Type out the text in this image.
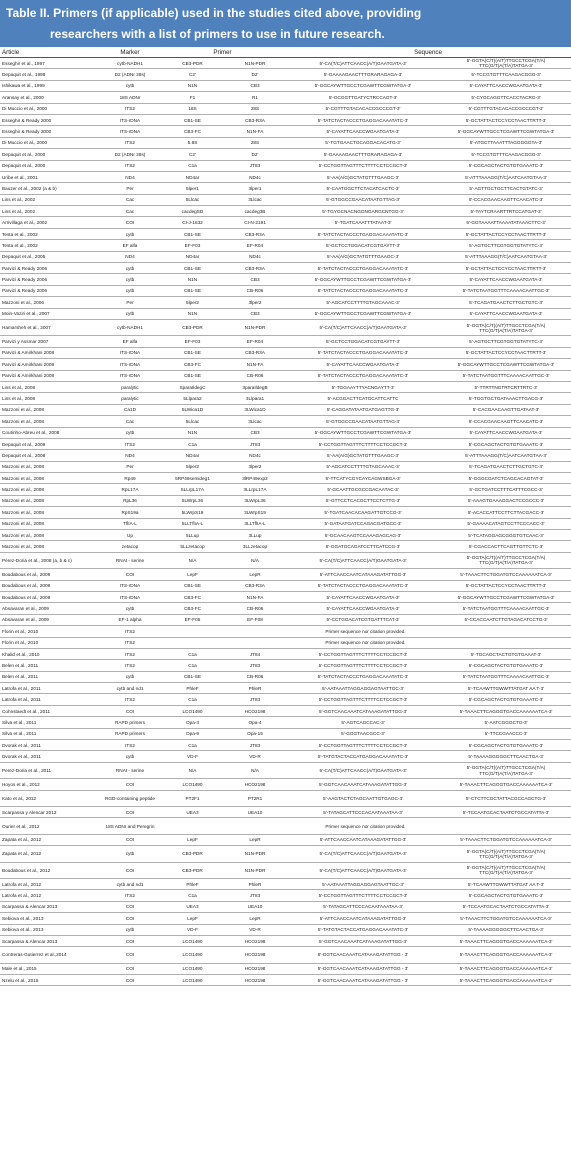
Table II. Primers (if applicable) used in the studies cited above, providing
researchers with a list of primers to use in future research.
Article	Marker	Primer		Sequence	
Esseghir et al., 1997	cytb-NADH1	CB3-PDR	N1N-PDR	5'-CA(T/C)ATTCAACC(A/T)GAATGATA-3'	5'-GGTA(C/T)(A/T)TTGCCTCGA(T/A) TTC(G/T)A(T/A)TATGA-3'
Depaquit et al., 1998	D2 (ADNr 28s)	C2'	D2'	5'-GAAAAGAACTTTGRARAGAGA-3'	5'-TCCGTGTTTCAAGACGGG-3'
Ishikawa et al., 1999	cytb	N1N	CB3	5'-GGCAYWTTGCCTCGAWTTCGWTATGA-3'	5'-CAYATTCAACCWGAATGATA-3'
Aransay et al., 2000	18S ADNr	F1	R1	5'-GCGGTTGATYCTRCCAGT-3'	5'-CYGCAGGTTCACCTACRG-3'
Di Muccio et al., 2000	ITS2	18S	28S	5'-CGTTTGTACACACCGCCCGT-3'	5'-CGTTTGTACACACCGCCCGT-3'
Esseghir & Ready 2000	ITS-rDNA	CB1-SE	CB3-R3A	5'-TATCTACTACCCTGAGGACAAATATC-3'	5'-GCTATTACTCCYCCTAACTTRTT-3'
Esseghir & Ready 2000	ITS-rDNA	CB3-FC	N1N-FA	5'-CAYATTCAACCWGAATGATA-3'	5'-GGCAYWTTGCCTCGAWTTCGWTATGA-3'
Di Muccio et al., 2000	ITS2	5.8S	28S	5'-TGTGAACTGCAGGACACATG-3'	5'-ATGCTTAAATTTAGGGGGTA-3'
Depaquit et al., 2000	D2 (ADNr 28s)	C2'	D2'	5'-GAAAAGAACTTTGRARAGAGA-3'	5'-TCCGTGTTTCAAGACGGG-3'
Depaquit et al., 2000	ITS2	C1a	JT83	5'-CCTGGTTAGTTTCTTTTCCTCCGCT-3'	5'-CGCAGCTACTGTGTGAAATC-3'
Uribe et al., 2001	ND4	ND4ar	ND4c	5'-AA(A/G)GCTATGTTTGAAGC-3'	5'-ATTTAAAGG(T/C)AATCAATGTAA-3'
Bauzer et al., 2002 (a & b)	Per	5lper1	3lper1	5'-CAATGGCTTCTACATCACTC-3'	5'-AGTTGCTGCTTCACTGTATC-3'
Lins et al., 2002	Cac	5Llcac	3Llcac	5'-GTGGCCGAACATAATGTTAG-3'	5'-CCACGAACAAGTTCAACATC-3'
Lins et al., 2002	Cac	cacdegSD	cacdeg3B	5'-TGYGCNACNGGNGARGCNTGG-3'	5'-TAYTCRAARTTRTCCATGAT-3'
Arrivillaga et al., 2002	COI	CI-J-1632	CI-N-2191	5'-TGATCAAATTTATAAT-3'	5'-GGTAAAATTAAAATATAAACTTC-3'
Testa et al., 2002	cytb	CB1-SE	CB3-R3A	5'-TATCTACTACCCTGAGGACAAATATC-3'	5'-GCTATTACTCCYCCTAACTTRTT-3'
Testa et al., 2002	EF alfa	EF-F03	EF-R04	5'-GCTCCTGGACATCGTGAYTT-3'	5'-AGTGCTTCGTGGTGTATYTC-3'
Depaquit et al., 2005	ND4	ND4ar	ND4c	5'-AA(A/G)GCTATGTTTGAAGC-3'	5'-ATTTAAAGG(T/C)AATCAATGTAA-3'
Parvizi & Ready 2006	cytb	CB1-SE	CB3-R3A	5'-TATCTACTACCCTGAGGACAAATATC-3'	5'-GCTATTACTCCYCCTAACTTRTT-3'
Parvizi & Ready 2006	cytb	N1N	CB3	5'-GGCAYWTTGCCTCGAWTTCGWTATGA-3'	5'-CAYATTCAACCWGAATGATA-3'
Parvizi & Ready 2006	cytb	CB1-SE	CB-R06	5'-TATCTACTACCCTGAGGACAAATATC-3'	5'-TATCTAATGGTTTCAAAACAATTGC-3'
Mazzoni et al., 2006	Per	5lper2	3lper2	5'-AGCATCCTTTTGTAGCAAAC-3'	5'-TCAGATGAACTCTTGCTGTC-3'
Moin-Vaziri et al., 2007	cytb	N1N	CB3	5'-GGCAYWTTGCCTCGAWTTCGWTATGA-3'	5'-CAYATTCAACCWGAATGATA-3'
Hamarsheh et al., 2007	cytb-NADH1	CB3-PDR	N1N-PDR	5'-CA(T/C)ATTCAACC(A/T)GAATGATA-3'	5'-GGTA(C/T)(A/T)TTGCCTCGA(T/A) TTC(G/T)A(T/A)TATGA-3'
Parvizi y Assmar 2007	EF alfa	EF-F03	EF-R04	5'-GCTCCTGGACATCGTGAYTT-3'	5'-AGTGCTTCGTGGTGTATYTC-3'
Parvizi & Amirkhani 2008	ITS-rDNA	CB1-SE	CB3-R3A	5'-TATCTACTACCCTGAGGACAAATATC-3'	5'-GCTATTACTCCYCCTAACTTRTT-3'
Parvizi & Amirkhani 2008	ITS-rDNA	CB3-FC	N1N-FA	5'-CAYATTCAACCWGAATGATA-3'	5'-GGCAYWTTGCCTCGAWTTCGWTATGA-3'
Parvizi & Amirkhani 2008	ITS-rDNA	CB1-SE	CB-R06	5'-TATCTACTACCCTGAGGACAAATATC-3'	5'-TATCTAATGGTTTCAAAACAATTGC-3'
Lins et al., 2008	paralytic	SparaIldegC	3paraIldegB	5'-TGGAAYTTYACNGAYTT-3'	5'-TTRTTNGTRTCRTTRTC-3'
Lins et al., 2008	paralytic	5Llpara2	3Llpara1	5'-ACGGACTTCATGCATTCATTC	5'-TGGTGCTGATAAACTTGACG-3'
Mazzoni et al., 2008	Ca1D	5LWica1D	3LWica1D	5'-CAGGATATAATGATGAGTTG-3'	5'-CACGAACAAGTTGATAAT-3'
Mazzoni et al., 2008	Cac	5Llcac	3Llcac	5'-GTGGCCGAACATAATGTTAG-3'	5'-CCACGAACAAGTTCAACATC-3'
Coutinho-Abreu et al., 2008	cytb	N1N	CB3	5'-GGCAYWTTGCCTCGAWTTCGWTATGA-3'	5'-CAYATTCAACCWGAATGATA-3'
Depaquit et al., 2008	ITS2	C1a	JT83	5'-CCTGGTTAGTTTCTTTTCCTCCGCT-3'	5'-CGCAGCTACTGTGTGAAATC-3'
Depaquit et al., 2008	ND4	ND4ar	ND4c	5'-AA(A/G)GCTATGTTTGAAGC-3'	5'-ATTTAAAGG(T/C)AATCAATGTAA-3'
Mazzoni et al., 2008	Per	5lper2	3lper2	5'-AGCATCCTTTTGTAGCAAAC-3'	5'-TCAGATGAACTCTTGCTGTC-3'
Mazzoni et al., 2008	Rp49	5RP49semideg1	3lRP49exp2	5'-TTCATYCGYCAYCAGWSBGA-3'	5'-GGGCGATCTCAGCACAGTAT-3'
Mazzoni et al., 2008	RpL17A	5LLrpL17A	3LLrpL17A	5'-GCAATTGCGCCGACAATAC-3'	5'-GCTGATCCTTTCATTTCGCC-3'
Mazzoni et al., 2008	RpL36	5LWrpL36	3LWrpL36	5'-GTTCCTCACGCTTCCTCTTG-3'	5'-AAAGTGAAAGGACTCCGCCC-3'
Mazzoni et al., 2008	RpS19a	5LWrpS19	3LWrpS19	5'-TGATCAACACAAGATTGTCCG-3'	5'-ACACCATTCCTTCTTACGACC-3'
Mazzoni et al., 2008	TflIA-L	5LLTflIA-L	3LLTflIA-L	5'-GATAATGATCCAGACGATGCC-3'	5'-GAAAACATAGTCCTTCCCACC-3'
Mazzoni et al., 2008	Up	5LLup	3LLup	5'-GCAACAAGTCCAAAGAGCAG-3'	5'-TCATAGGAGCGGGTGTCAAC-3'
Mazzoni et al., 2008	zetacop	5LLzetacop	3LLzetacop	5'-GGATGCAGATCCTTCATCCG-3'	5'-CGACCACTTCAGTTGTTCTC-3'
Pérez-Doria et al., 2008 (a, b & c)	RNAt - serine	N/A	N/A	5'-CA(T/C)ATTCAACC(A/T)GAATGATA-3'	5'-GGTA(C/T)(A/T)TTGCCTCGA(T/A) TTC(G/T)A(T/A)TATGA-3'
Boudabous et al., 2009	COI	LepF	LepR	5'-ATTCAACCAATCATAAAGATATTGG-3'	5'-TAAACTTCTGGATGTCCAAAAAATCA-3'
Boudabous et al., 2009	ITS-rDNA	CB1-SE	CB3-R3A	5'-TATCTACTACCCTGAGGACAAATATC-3'	5'-GCTATTACTCCYCCTAACTTRTT-3'
Boudabous et al., 2009	ITS-rDNA	CB3-FC	N1N-FA	5'-CAYATTCAACCWGAATGATA-3'	5'-GGCAYWTTGCCTCGAWTTCGWTATGA-3'
Absavaran et al., 2009	cytb	CB3-FC	CB-R06	5'-CAYATTCAACCWGAATGATA-3'	5'-TATCTAATGGTTTCAAAACAATTGC-3'
Absavaran et al., 2009	EF-1 alpha	EF-F05	EF-F08	5'-CCTGGACATCGTGATTTCAT-3'	5'-CCACCAATCTTGTAGACATCCTG-3'
Florin et al., 2010	ITS2	Primer sequence nor citation provided.			
Florin et al., 2010	ITS2	Primer sequence nor citation provided.			
Khalid et al., 2010	ITS2	C1a	JT84	5'-CCTGGTTAGTTTCTTTTCCTCCGCT-3'	5'-TGCAGCTACTGTGTGAAAT-3'
Belen et al., 2011	ITS2	C1a	JT83	5'-CCTGGTTAGTTTCTTTTCCTCCGCT-3'	5'-CGCAGCTACTGTGTGAAATC-3'
Belen et al., 2011	cytb	CB1-SE	CB-R06	5'-TATCTACTACCCTGAGGACAAATATC-3'	5'-TATCTAATGGTTTCAAAACAATTGC-3'
Latrofa et al., 2011	cytb and nd1	PhleF	PhleR	5'-AATAAATTAGGAGGAGTAATTGC-3'	5'-TCAAWTTGWWTTATGAT AA T-3'
Latrofa et al., 2011	ITS2	C1a	JT83	5'-CCTGGTTAGTTTCTTTTCCTCCGCT-3'	5'-CGCAGCTACTGTGTGAAATC-3'
Cohnstaedt et al., 2011	COI	LCO1490	HCO2198	5'-GGTCAACAAATCATAAAGATATTGG-3'	5'-TAAACTTCAGGGTGACCAAAAAATCA-3'
Silva et al., 2011	RAPD primers	Opa-3	Opa-4	5'-AGTCAGCCAC-3'	5'-AATCGGGCTG-3'
Silva et al., 2011	RAPD primers	Opa-9	Opa-15	5'-GGGTAACGCC-3'	5'-TTCCGAACCC-3'
Dvorak et al., 2011	ITS2	C1a	JT83	5'-CCTGGTTAGTTTCTTTTCCTCCGCT-3'	5'-CGCAGCTACTGTGTGAAATC-3'
Dvorak et al., 2011	cytb	VD-F	VD-R	5'-TATGTACTACCATGAGGACAAATATC-3'	5'-TAAAAGGGGGCTTCAACTGA-3'
Perez-Doria et al., 2011	RNAt - serine	N/A	N/A	5'-CA(T/C)ATTCAACC(A/T)GAATGATA-3'	5'-GGTA(C/T)(A/T)TTGCCTCGA(T/A) TTC(G/T)A(T/A)TATGA-3'
Hoyos et al., 2012	COI	LCO1490	HCO2198	5'-GGTCAACAAATCATAAAGATATTGG-3'	5'-TAAACTTCAGGGTGACCAAAAAATCA-3'
Kato et al., 2012	RGD-containing peptide	PT2F1	PT2R1	5'-AAGTACTCTAGCAATTGTGAGC-3'	5'-CTCTTCGCTATTACGCCAGCTG-3'
Scarpassa y Alencar 2012	COI	UEA3	UEA10	5'-TATAGCATTCCCACAATAAATAA-3'	5'-TCCAATGCACTAATCTGCCATATTA-3'
Ourier et al., 2012	18S ADNr and Peregrin	Primer sequence nor citation provided.			
Zapata et al., 2012	COI	LepF	LepR	5'-ATTCAACCAATCATAAAGATATTGG-3'	5'-TAAACTTCTGGATGTCCAAAAAATCA-3'
Zapata et al., 2012	cytb	CB3-PDR	N1N-PDR	5'-CA(T/C)ATTCAACC(A/T)GAATGATA-3'	5'-GGTA(C/T)(A/T)TTGCCTCGA(T/A) TTC(G/T)A(T/A)TATGA-3'
Boudabous et al., 2012	COI	CB3-PDR	N1N-PDR	5'-CA(T/C)ATTCAACC(A/T)GAATGATA-3'	5'-GGTA(C/T)(A/T)TTGCCTCGA(T/A) TTC(G/T)A(T/A)TATGA-3'
Latrofa et al., 2012	cytb and nd1	PhleF	PhleR	5'-AATAAATTAGGAGGAGTAATTGC-3'	5'-TCAAWTTGWWTTATGAT AA T-3'
Latrofa et al., 2012	ITS2	C1a	JT83	5'-CCTGGTTAGTTTCTTTTCCTCCGCT-3'	5'-CGCAGCTACTGTGTGAAATC-3'
Scarpassa & Alencar 2013	COI	UEA3	UEA10	5'-TATAGCATTCCCACAATAAATAA-3'	5'-TCCAATGCACTAATCTGCCATATTA-3'
Sebiova et al., 2013	COI	LepF	LepR	5'-ATTCAACCAATCATAAAGATATTGG-3'	5'-TAAACTTCTGGATGTCCAAAAAATCA-3'
Sebiova et al., 2013	cytb	VD-F	VD-R	5'-TATGTACTACCATGAGGACAAATATC-3'	5'-TAAAAGGGGGCTTCAACTGA-3'
Scarpassa & Alencar 2013	COI	LCO1490	HCO2198	5'-GGTCAACAAATCATAAAGATATTGG-3'	5'-TAAACTTCAGGGTGACCAAAAAATCA-3'
Contreras-Gutierrez et al.,2014	COI	LCO1490	HCO2198	5'-GGTCAACAAATCATAAAGATATTGG - 3'	5'-TAAACTTCAGGGTGACCAAAAAATCA-3'
Male et al., 2015	COI	LCO1490	HCO2198	5'-GGTCAACAAATCATAAAGATATTGG - 3'	5'-TAAACTTCAGGGTGACCAAAAAATCA-3'
Nzelu et al., 2015	COI	LCO1490	HCO2198	5'-GGTCAACAAATCATAAAGATATTGG - 3'	5'-TAAACTTCAGGGTGACCAAAAAATCA-3'
